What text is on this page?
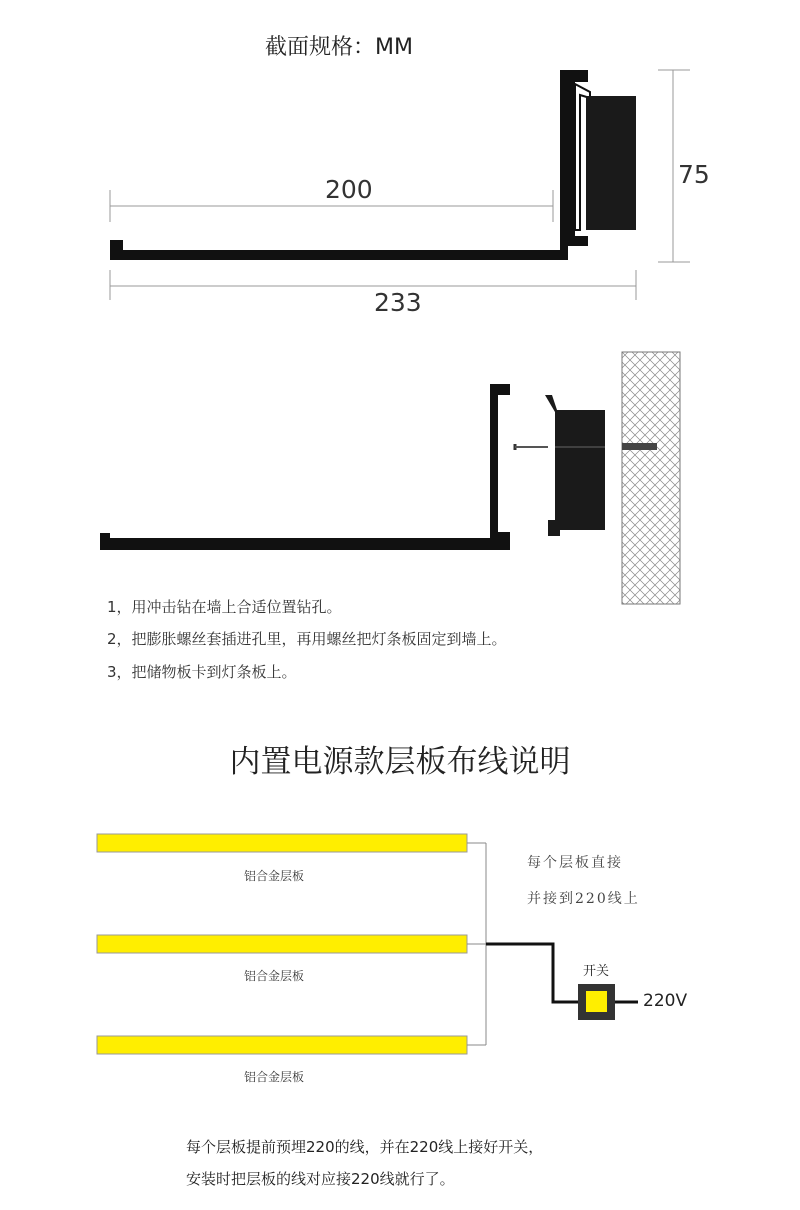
截面规格：MM
200
233
75
1，用冲击钻在墙上合适位置钻孔。
2，把膨胀螺丝套插进孔里，再用螺丝把灯条板固定到墙上。
3，把储物板卡到灯条板上。
内置电源款层板布线说明
铝合金层板
铝合金层板
铝合金层板
每个层板直接
并接到220线上
开关
220V
每个层板提前预埋220的线，并在220线上接好开关，
安装时把层板的线对应接220线就行了。
